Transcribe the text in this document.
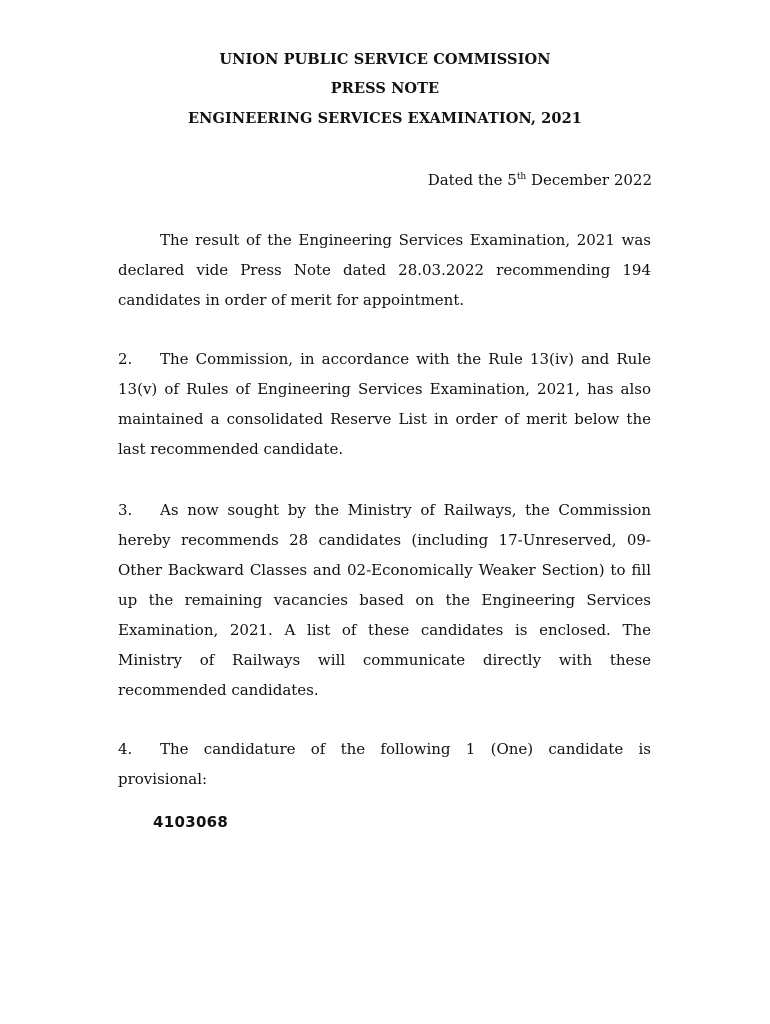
UNION PUBLIC SERVICE COMMISSION
PRESS NOTE
ENGINEERING SERVICES EXAMINATION, 2021
Dated the 5th December 2022

The result of the Engineering Services Examination, 2021 was declared vide Press Note dated 28.03.2022 recommending 194 candidates in order of merit for appointment.

2. The Commission, in accordance with the Rule 13(iv) and Rule 13(v) of Rules of Engineering Services Examination, 2021, has also maintained a consolidated Reserve List in order of merit below the last recommended candidate.

3. As now sought by the Ministry of Railways, the Commission hereby recommends 28 candidates (including 17-Unreserved, 09-Other Backward Classes and 02-Economically Weaker Section) to fill up the remaining vacancies based on the Engineering Services Examination, 2021. A list of these candidates is enclosed. The Ministry of Railways will communicate directly with these recommended candidates.

4. The candidature of the following 1 (One) candidate is provisional:

4103068
